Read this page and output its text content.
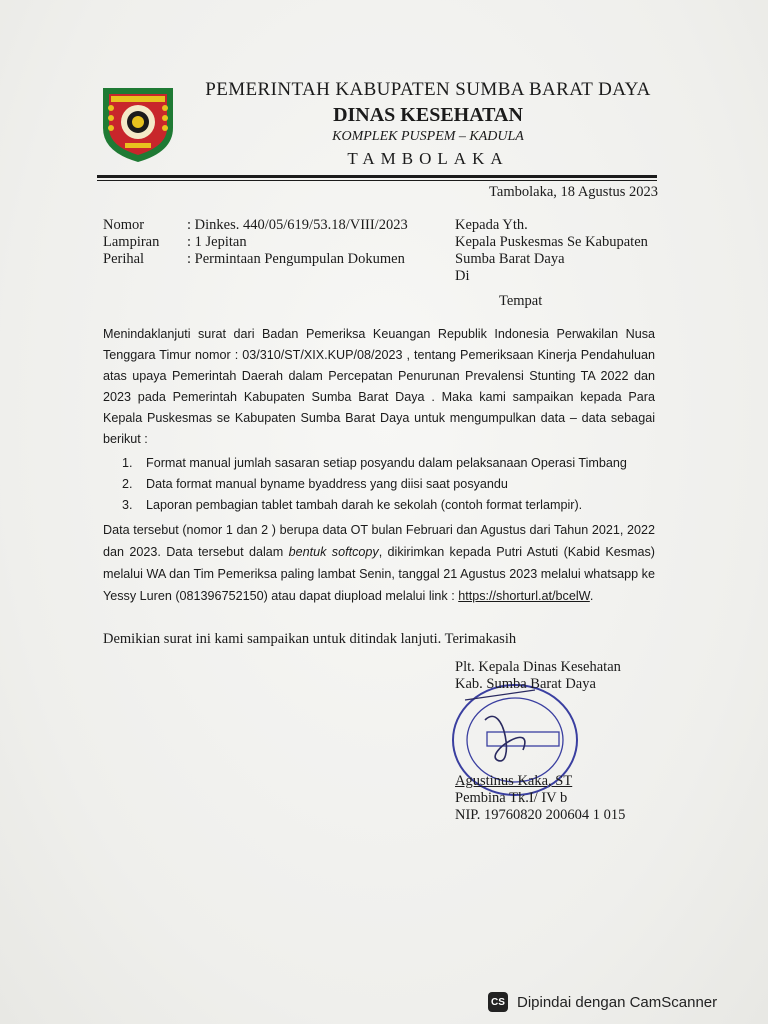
PEMERINTAH KABUPATEN SUMBA BARAT DAYA
DINAS KESEHATAN
KOMPLEK PUSPEM – KADULA
TAMBOLAKA
Tambolaka, 18 Agustus 2023
Nomor	: Dinkes. 440/05/619/53.18/VIII/2023
Lampiran	: 1 Jepitan
Perihal	: Permintaan Pengumpulan Dokumen
Kepada Yth.
Kepala Puskesmas Se Kabupaten
Sumba Barat Daya
Di
Tempat
Menindaklanjuti surat dari Badan Pemeriksa Keuangan Republik Indonesia Perwakilan Nusa Tenggara Timur nomor : 03/310/ST/XIX.KUP/08/2023 , tentang Pemeriksaan Kinerja Pendahuluan atas upaya Pemerintah Daerah dalam Percepatan Penurunan Prevalensi Stunting TA 2022 dan 2023 pada Pemerintah Kabupaten Sumba Barat Daya . Maka kami sampaikan kepada Para Kepala Puskesmas se Kabupaten Sumba Barat Daya untuk mengumpulkan data – data sebagai berikut :
1.	Format manual jumlah sasaran setiap posyandu dalam pelaksanaan Operasi Timbang
2.	Data format manual byname byaddress yang diisi saat posyandu
3.	Laporan pembagian tablet tambah darah ke sekolah (contoh format terlampir).
Data tersebut (nomor 1 dan 2 ) berupa data OT bulan Februari dan Agustus dari Tahun 2021, 2022 dan 2023. Data tersebut dalam bentuk softcopy, dikirimkan kepada Putri Astuti (Kabid Kesmas) melalui WA dan Tim Pemeriksa paling lambat Senin, tanggal 21 Agustus 2023 melalui whatsapp ke Yessy Luren (081396752150) atau dapat diupload melalui link : https://shorturl.at/bcelW.
Demikian surat ini kami sampaikan untuk ditindak lanjuti. Terimakasih
Plt. Kepala Dinas Kesehatan
Kab. Sumba Barat Daya
Agustinus Kaka, ST
Pembina Tk.I/ IV b
NIP. 19760820 200604 1 015
CS Dipindai dengan CamScanner
